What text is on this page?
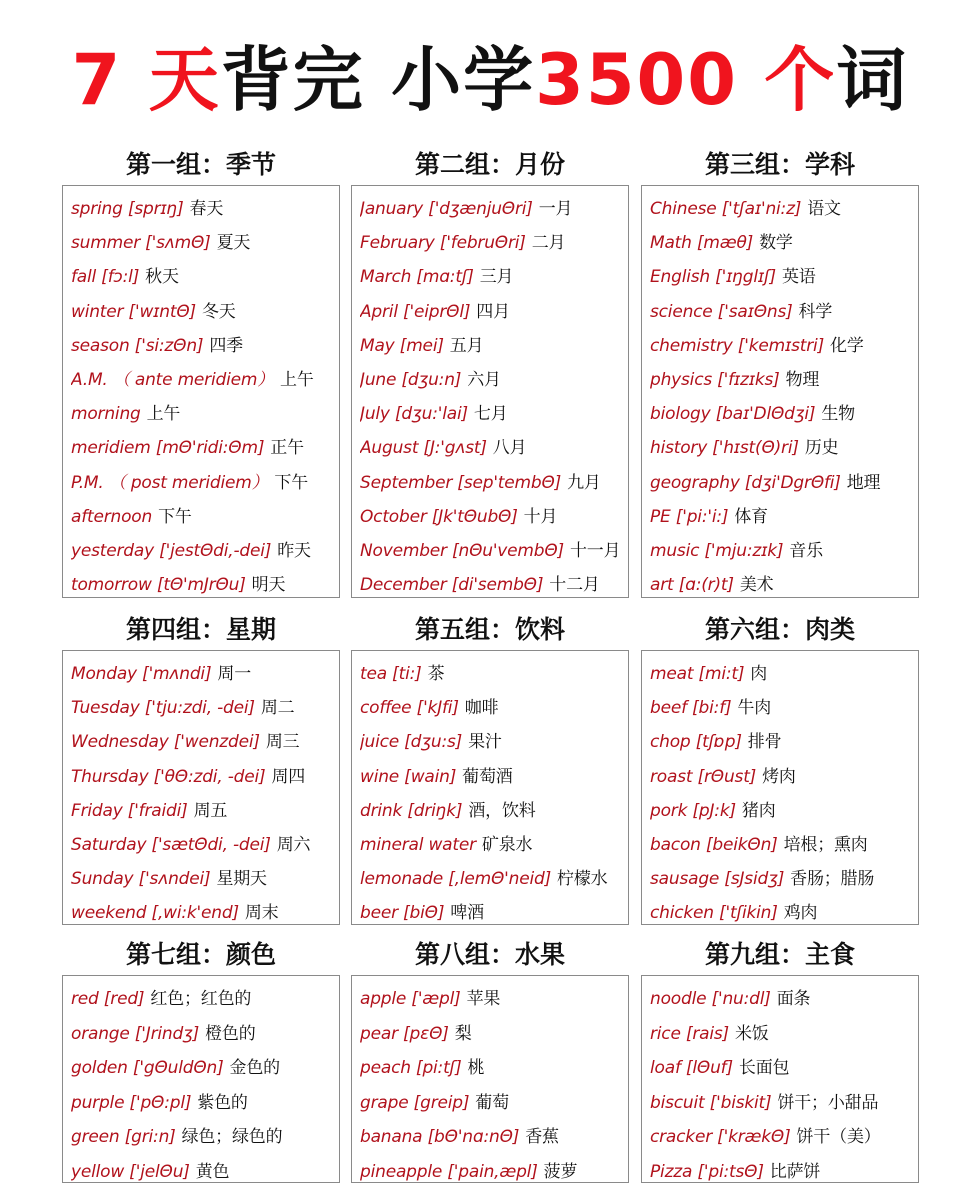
7 天背完 小学3500 个词
第一组：季节
spring [sprɪŋ] 春天
summer ['sʌmΘ] 夏天
fall [fɔ:l] 秋天
winter ['wɪntΘ] 冬天
season ['si:zΘn] 四季
A.M. （ ante meridiem） 上午
morning 上午
meridiem [mΘ'ridi:Θm] 正午
P.M. （ post meridiem） 下午
afternoon 下午
yesterday ['jestΘdi,-dei] 昨天
tomorrow [tΘ'mJrΘu] 明天
第二组：月份
January ['dʒænjuΘri] 一月
February ['februΘri] 二月
March [mɑ:tʃ] 三月
April ['eiprΘl] 四月
May [mei] 五月
June [dʒu:n] 六月
July [dʒu:'lai] 七月
August [J:'gʌst] 八月
September [sep'tembΘ] 九月
October [Jk'tΘubΘ] 十月
November [nΘu'vembΘ] 十一月
December [di'sembΘ] 十二月
第三组：学科
Chinese ['tʃaɪ'ni:z] 语文
Math [mæθ] 数学
English ['ɪŋglɪʃ] 英语
science ['saɪΘns] 科学
chemistry ['kemɪstri] 化学
physics ['fɪzɪks] 物理
biology [baɪ'DlΘdʒi] 生物
history ['hɪst(Θ)ri] 历史
geography [dʒi'DgrΘfi] 地理
PE ['pi:'i:] 体育
music ['mju:zɪk] 音乐
art [ɑ:(r)t] 美术
第四组：星期
Monday ['mʌndi] 周一
Tuesday ['tju:zdi, -dei] 周二
Wednesday ['wenzdei] 周三
Thursday ['θΘ:zdi, -dei] 周四
Friday ['fraidi] 周五
Saturday ['sætΘdi, -dei] 周六
Sunday ['sʌndei] 星期天
weekend [,wi:k'end] 周末
第五组：饮料
tea [ti:] 茶
coffee ['kJfi] 咖啡
juice [dʒu:s] 果汁
wine [wain] 葡萄酒
drink [driŋk] 酒，饮料
mineral water 矿泉水
lemonade [,lemΘ'neid] 柠檬水
beer [biΘ] 啤酒
第六组：肉类
meat [mi:t] 肉
beef [bi:f] 牛肉
chop [tʃɒp] 排骨
roast [rΘust] 烤肉
pork [pJ:k] 猪肉
bacon [beikΘn] 培根；熏肉
sausage [sJsidʒ] 香肠；腊肠
chicken ['tʃikin] 鸡肉
第七组：颜色
red [red] 红色；红色的
orange ['Jrindʒ] 橙色的
golden ['gΘuldΘn] 金色的
purple ['pΘ:pl] 紫色的
green [gri:n] 绿色；绿色的
yellow ['jelΘu] 黄色
第八组：水果
apple ['æpl] 苹果
pear [pεΘ] 梨
peach [pi:tʃ] 桃
grape [greip] 葡萄
banana [bΘ'nɑ:nΘ] 香蕉
pineapple ['pain,æpl] 菠萝
第九组：主食
noodle ['nu:dl] 面条
rice [rais] 米饭
loaf [lΘuf] 长面包
biscuit ['biskit] 饼干；小甜品
cracker ['krækΘ] 饼干（美）
Pizza ['pi:tsΘ] 比萨饼
